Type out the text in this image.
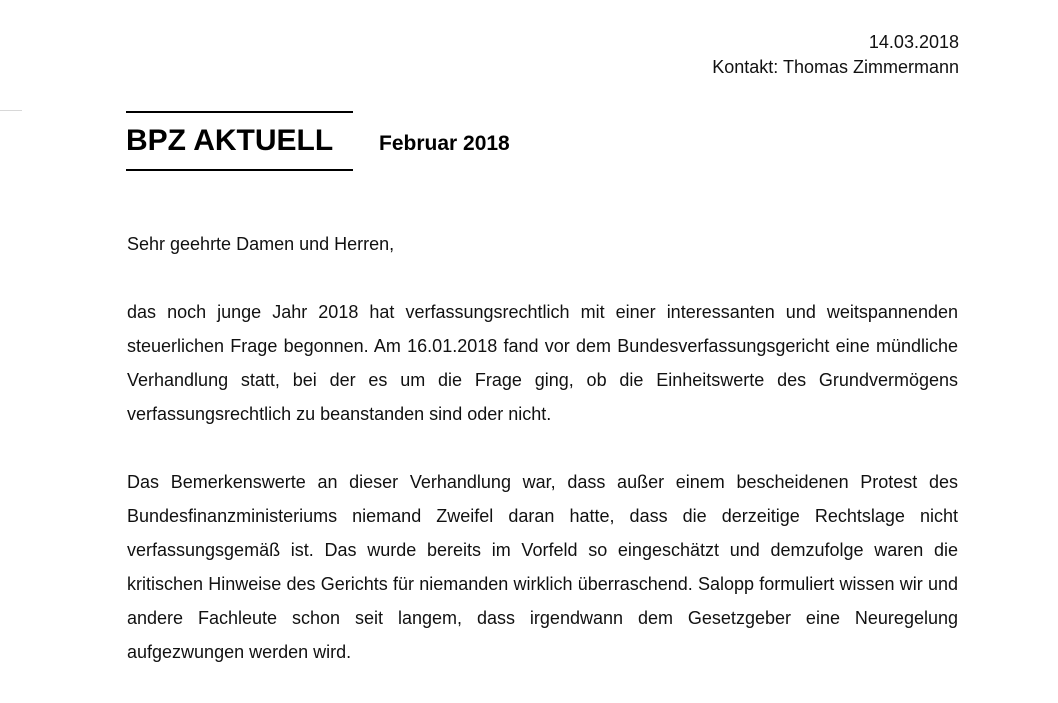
14.03.2018
Kontakt: Thomas Zimmermann
BPZ AKTUELL	Februar 2018

Sehr geehrte Damen und Herren,

das noch junge Jahr 2018 hat verfassungsrechtlich mit einer interessanten und weitspannenden steuerlichen Frage begonnen. Am 16.01.2018 fand vor dem Bundesverfassungsgericht eine mündliche Verhandlung statt, bei der es um die Frage ging, ob die Einheitswerte des Grundvermögens verfassungsrechtlich zu beanstanden sind oder nicht.

Das Bemerkenswerte an dieser Verhandlung war, dass außer einem bescheidenen Protest des Bundesfinanzministeriums niemand Zweifel daran hatte, dass die derzeitige Rechtslage nicht verfassungsgemäß ist. Das wurde bereits im Vorfeld so eingeschätzt und demzufolge waren die kritischen Hinweise des Gerichts für niemanden wirklich überraschend. Salopp formuliert wissen wir und andere Fachleute schon seit langem, dass irgendwann dem Gesetzgeber eine Neuregelung aufgezwungen werden wird.
